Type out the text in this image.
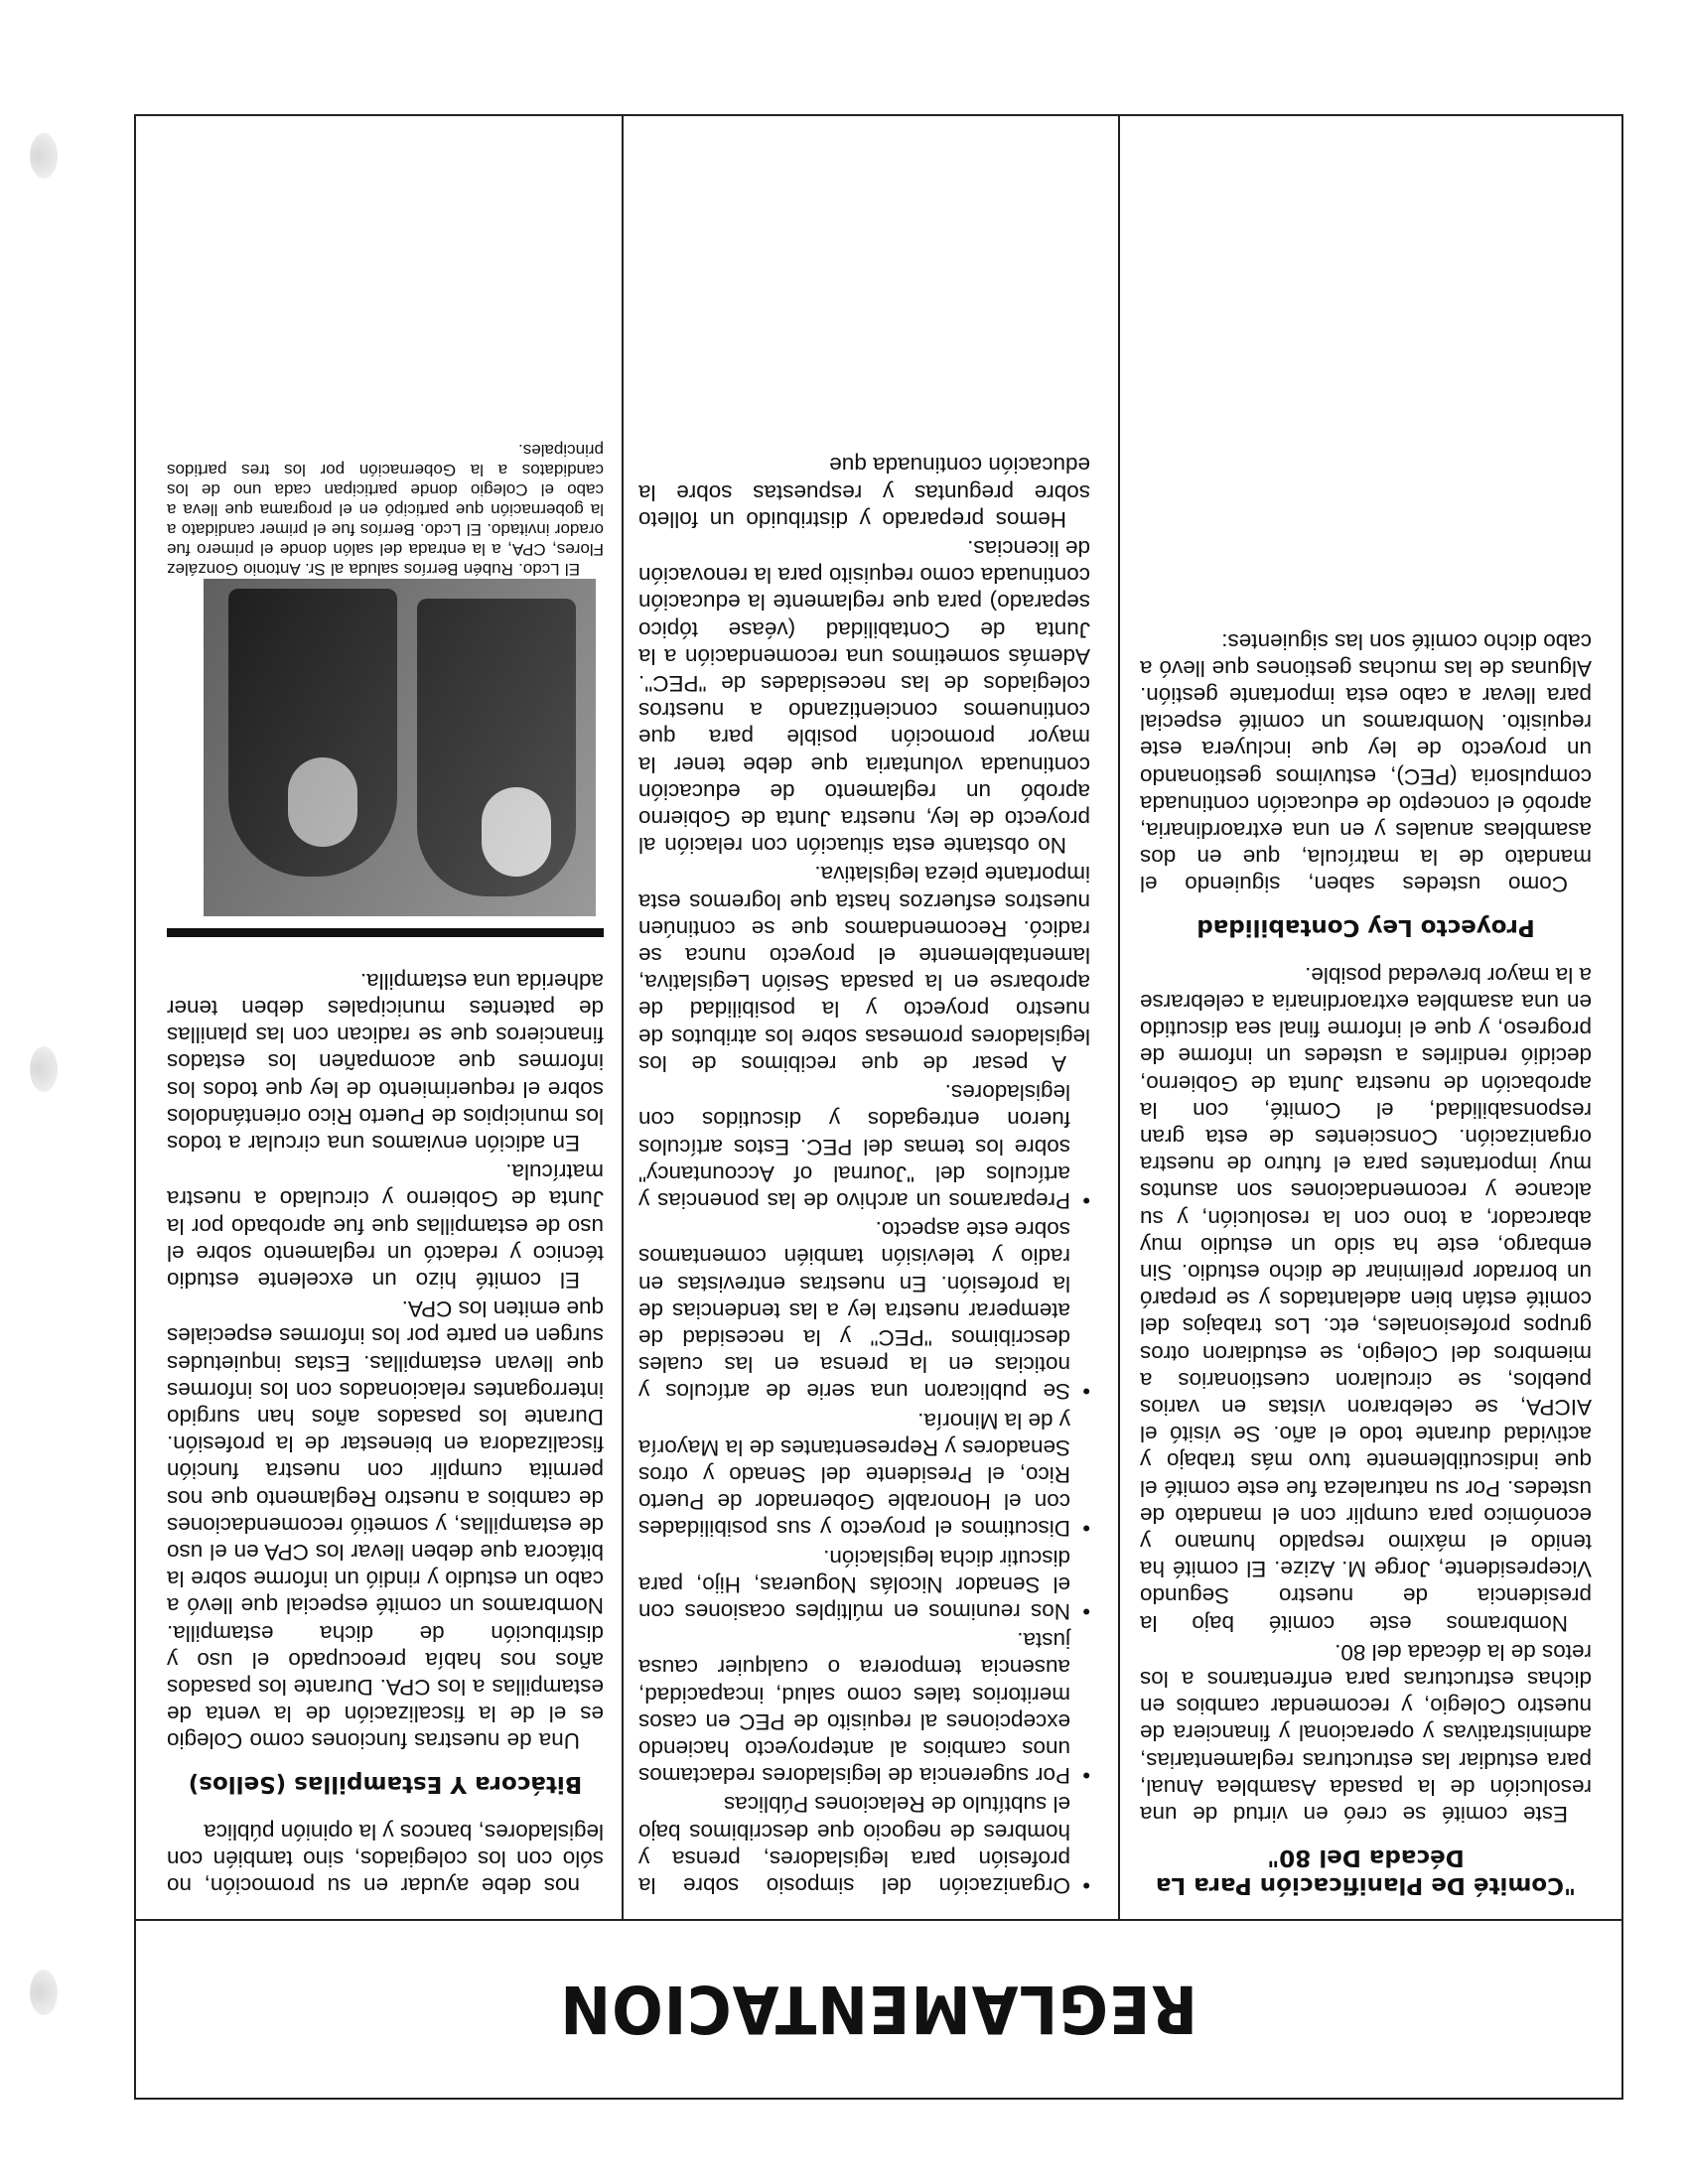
REGLAMENTACION
"Comité De Planificación Para La Década Del 80"

Este comité se creó en virtud de una resolución de la pasada Asamblea Anual, para estudiar las estructuras reglamentarias, administrativas y operacional y financiera de nuestro Colegio, y recomendar cambios en dichas estructuras para enfrentarnos a los retos de la década del 80.

Nombramos este comité bajo la presidencia de nuestro Segundo Vicepresidente, Jorge M. Azize. El comité ha tenido el máximo respaldo humano y económico para cumplir con el mandato de ustedes. Por su naturaleza fue este comité el que indiscutiblemente tuvo más trabajo y actividad durante todo el año. Se visitó el AICPA, se celebraron vistas en varios pueblos, se circularon cuestionarios a miembros del Colegio, se estudiaron otros grupos profesionales, etc. Los trabajos del comité están bien adelantados y se preparó un borrador preliminar de dicho estudio. Sin embargo, este ha sido un estudio muy abarcador, a tono con la resolución, y su alcance y recomendaciones son asuntos muy importantes para el futuro de nuestra organización. Conscientes de esta gran responsabilidad, el Comité, con la aprobación de nuestra Junta de Gobierno, decidió rendirles a ustedes un informe de progreso, y que el informe final sea discutido en una asamblea extraordinaria a celebrarse a la mayor brevedad posible.

Proyecto Ley Contabilidad

Como ustedes saben, siguiendo el mandato de la matrícula, que en dos asambleas anuales y en una extraordinaria, aprobó el concepto de educación continuada compulsoria (PEC), estuvimos gestionando un proyecto de ley que incluyera este requisito. Nombramos un comité especial para llevar a cabo esta importante gestión. Algunas de las muchas gestiones que llevó a cabo dicho comité son las siguientes:

• Organización del simposio sobre la profesión para legisladores, prensa y hombres de negocio que describimos bajo el subtítulo de Relaciones Públicas
• Por sugerencia de legisladores redactamos unos cambios al anteproyecto haciendo excepciones al requisito de PEC en casos meritorios tales como salud, incapacidad, ausencia temporera o cualquier causa justa.
• Nos reunimos en múltiples ocasiones con el Senador Nicolás Nogueras, Hijo, para discutir dicha legislación.
• Discutimos el proyecto y sus posibilidades con el Honorable Gobernador de Puerto Rico, el Presidente del Senado y otros Senadores y Representantes de la Mayoría y de la Minoría.
• Se publicaron una serie de artículos y noticias en la prensa en las cuales describimos "PEC" y la necesidad de atemperar nuestra ley a las tendencias de la profesión. En nuestras entrevistas en radio y televisión también comentamos sobre este aspecto.
• Preparamos un archivo de las ponencias y artículos del "Journal of Accountancy" sobre los temas del PEC. Estos artículos fueron entregados y discutidos con legisladores.

A pesar de que recibimos de los legisladores promesas sobre los atributos de nuestro proyecto y la posibilidad de aprobarse en la pasada Sesión Legislativa, lamentablemente el proyecto nunca se radicó. Recomendamos que se continúen nuestros esfuerzos hasta que logremos esta importante pieza legislativa.

No obstante esta situación con relación al proyecto de ley, nuestra Junta de Gobierno aprobó un reglamento de educación continuada voluntaria que debe tener la mayor promoción posible para que continuemos concientizando a nuestros colegiados de las necesidades de "PEC". Además sometimos una recomendación a la Junta de Contabilidad (véase tópico separado) para que reglamente la educación continuada como requisito para la renovación de licencias.

Hemos preparado y distribuido un folleto sobre preguntas y respuestas sobre la educación continuada que

nos debe ayudar en su promoción, no sólo con los colegiados, sino también con legisladores, bancos y la opinión pública

Bitácora Y Estampillas (Sellos)

Una de nuestras funciones como Colegio es el de la fiscalización de la venta de estampillas a los CPA. Durante los pasados años nos había preocupado el uso y distribución de dicha estampilla. Nombramos un comité especial que llevó a cabo un estudio y rindió un informe sobre la bitácora que deben llevar los CPA en el uso de estampillas, y sometió recomendaciones de cambios a nuestro Reglamento que nos permita cumplir con nuestra función fiscalizadora en bienestar de la profesión. Durante los pasados años han surgido interrogantes relacionados con los informes que llevan estampillas. Estas inquietudes surgen en parte por los informes especiales que emiten los CPA.

El comité hizo un excelente estudio técnico y redactó un reglamento sobre el uso de estampillas que fue aprobado por la Junta de Gobierno y circulado a nuestra matrícula.

En adición enviamos una circular a todos los municipios de Puerto Rico orientándolos sobre el requerimiento de ley que todos los informes que acompañen los estados financieros que se radican con las planillas de patentes municipales deben tener adherida una estampilla.

El Lcdo. Rubén Berríos saluda al Sr. Antonio González Flores, CPA, a la entrada del salón donde el primero fue orador invitado. El Lcdo. Berríos fue el primer candidato a la gobernación que participó en el programa que lleva a cabo el Colegio donde participan cada uno de los candidatos a la Gobernación por los tres partidos principales.
